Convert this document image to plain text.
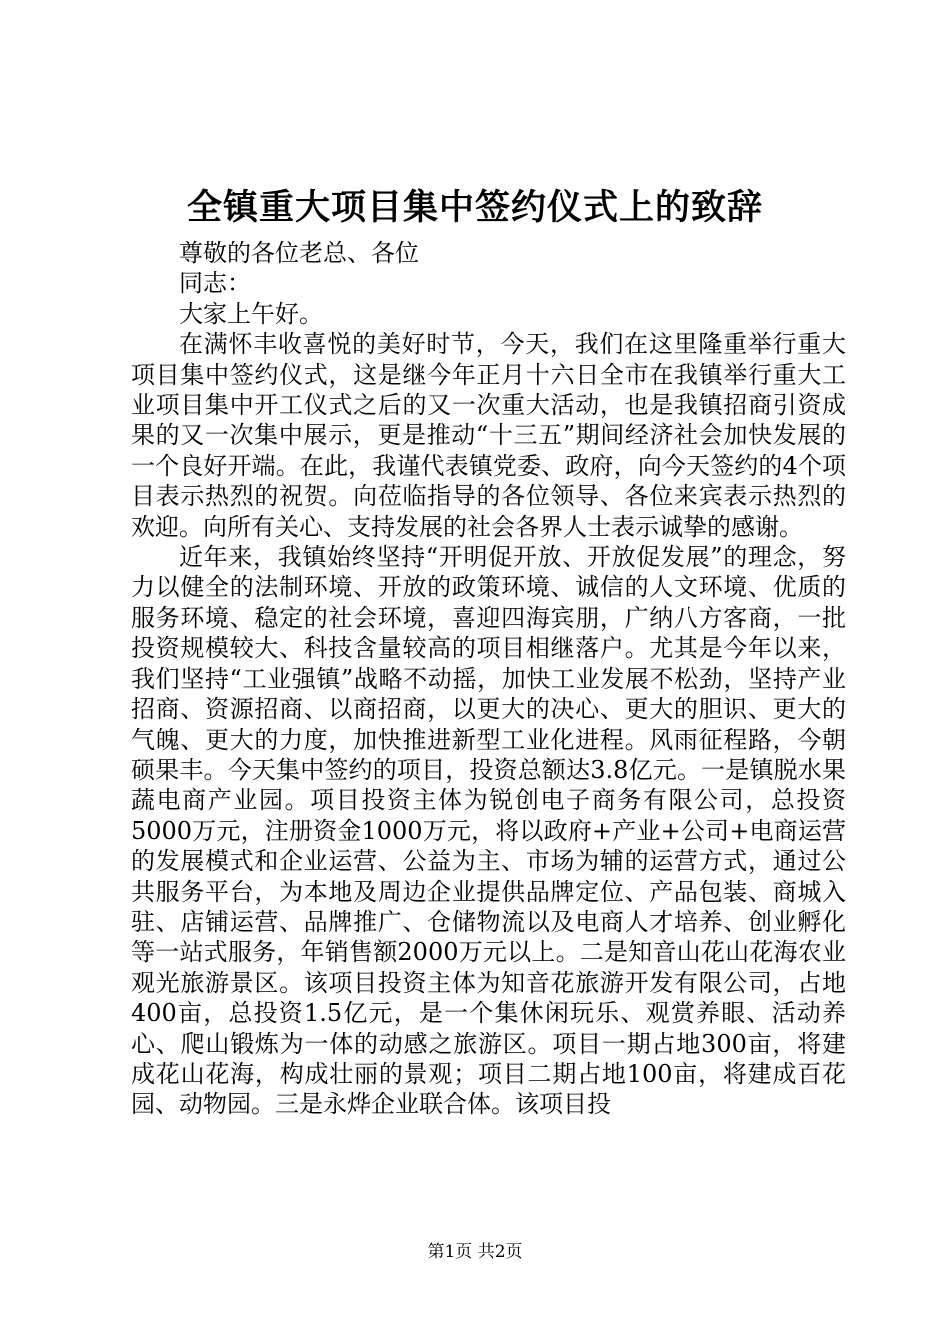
全镇重大项目集中签约仪式上的致辞

尊敬的各位老总、各位

同志：

大家上午好。

在满怀丰收喜悦的美好时节，今天，我们在这里隆重举行重大项目集中签约仪式，这是继今年正月十六日全市在我镇举行重大工业项目集中开工仪式之后的又一次重大活动，也是我镇招商引资成果的又一次集中展示，更是推动“十三五”期间经济社会加快发展的一个良好开端。在此，我谨代表镇党委、政府，向今天签约的4个项目表示热烈的祝贺。向莅临指导的各位领导、各位来宾表示热烈的欢迎。向所有关心、支持发展的社会各界人士表示诚挚的感谢。

近年来，我镇始终坚持“开明促开放、开放促发展”的理念，努力以健全的法制环境、开放的政策环境、诚信的人文环境、优质的服务环境、稳定的社会环境，喜迎四海宾朋，广纳八方客商，一批投资规模较大、科技含量较高的项目相继落户。尤其是今年以来，我们坚持“工业强镇”战略不动摇，加快工业发展不松劲，坚持产业招商、资源招商、以商招商，以更大的决心、更大的胆识、更大的气魄、更大的力度，加快推进新型工业化进程。风雨征程路，今朝硕果丰。今天集中签约的项目，投资总额达3.8亿元。一是镇脱水果蔬电商产业园。项目投资主体为锐创电子商务有限公司，总投资5000万元，注册资金1000万元，将以政府+产业+公司+电商运营的发展模式和企业运营、公益为主、市场为辅的运营方式，通过公共服务平台，为本地及周边企业提供品牌定位、产品包装、商城入驻、店铺运营、品牌推广、仓储物流以及电商人才培养、创业孵化等一站式服务，年销售额2000万元以上。二是知音山花山花海农业观光旅游景区。该项目投资主体为知音花旅游开发有限公司，占地400亩，总投资1.5亿元，是一个集休闲玩乐、观赏养眼、活动养心、爬山锻炼为一体的动感之旅游区。项目一期占地300亩，将建成花山花海，构成壮丽的景观；项目二期占地100亩，将建成百花园、动物园。三是永烨企业联合体。该项目投

第1页 共2页
